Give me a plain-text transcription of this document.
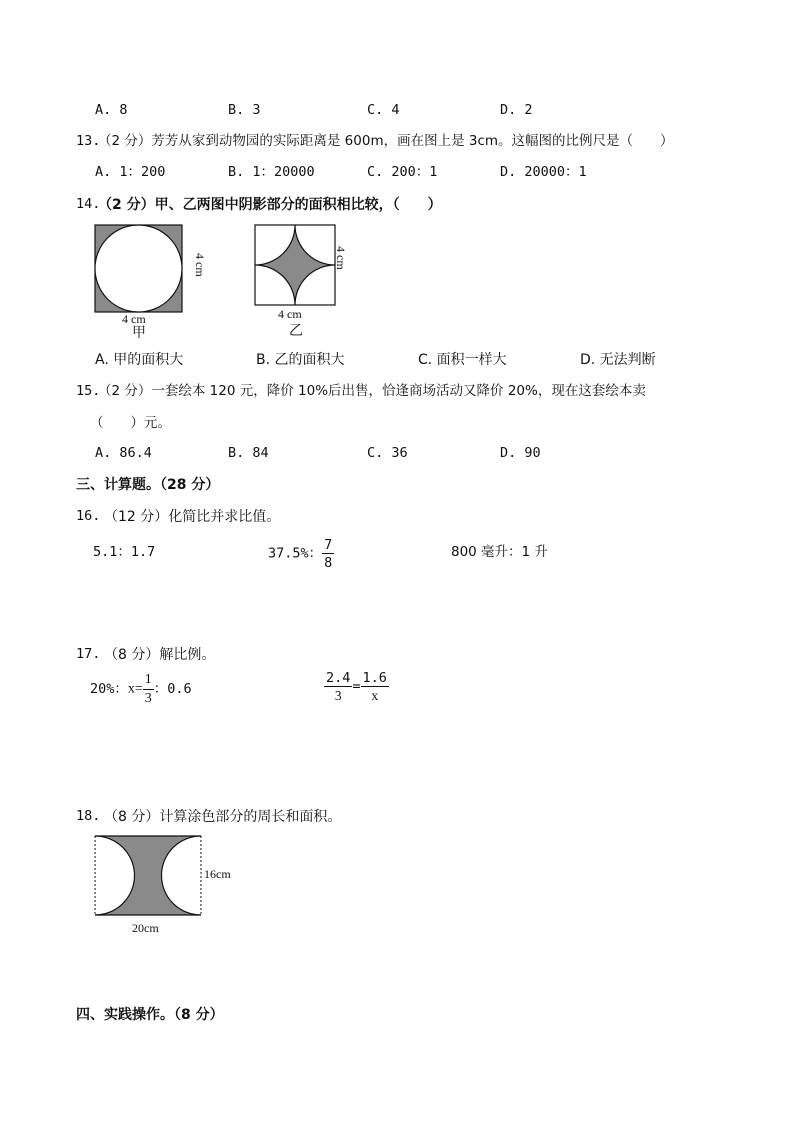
A. 8	B. 3	C. 4	D. 2
13.
（2 分）芳芳从家到动物园的实际距离是 600m，画在图上是 3cm。这幅图的比例尺是（　　）
A. 1：200	B. 1：20000	C. 200：1	D. 20000：1
14.
（2 分）甲、乙两图中阴影部分的面积相比较，（　　）
4 cm
4 cm
甲
4 cm
4 cm
乙
A. 甲的面积大	B. 乙的面积大	C. 面积一样大	D. 无法判断
15.
（2 分）一套绘本 120 元，降价 10%后出售，恰逢商场活动又降价 20%，现在这套绘本卖
（　　）元。
A. 86.4	B. 84	C. 36	D. 90
三、计算题。（28 分）
16. （12 分）化简比并求比值。
5.1：1.7	37.5%： $\frac{7}{8}$	800 毫升：1 升
17. （8 分）解比例。
20%：$x= \frac{1}{3}$ ：0.6	$\frac{2.4}{3} = \frac{1.6}{x}$
18. （8 分）计算涂色部分的周长和面积。
16cm
20cm
四、实践操作。（8 分）
